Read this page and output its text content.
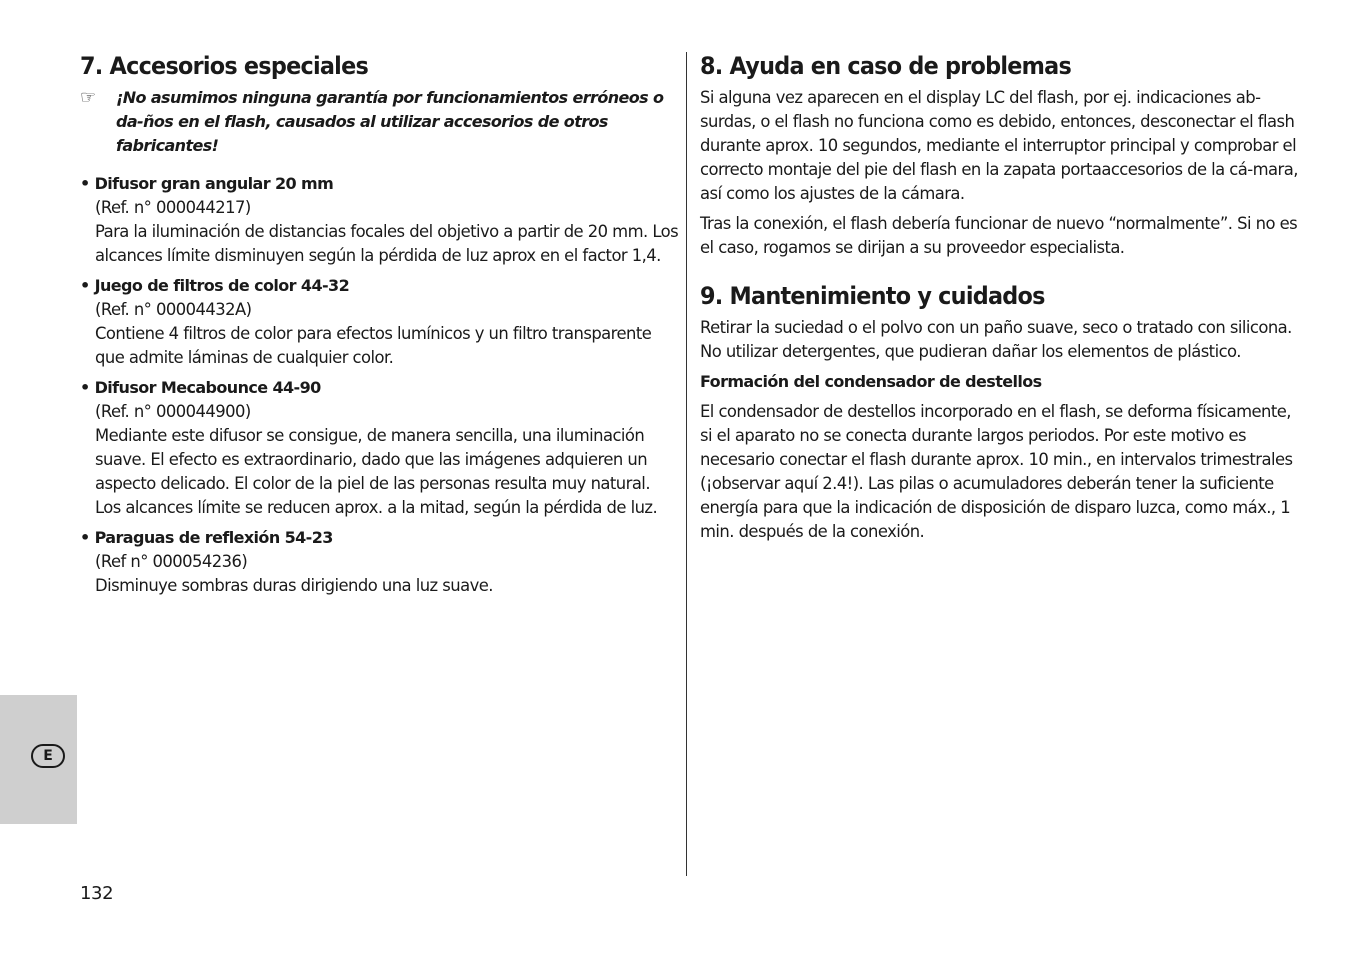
7. Accesorios especiales
☞	¡No asumimos ninguna garantía por funcionamientos erróneos o da-ños en el flash, causados al utilizar accesorios de otros fabricantes!

• Difusor gran angular 20 mm

(Ref. n° 000044217)
Para la iluminación de distancias focales del objetivo a partir de 20 mm. Los alcances límite disminuyen según la pérdida de luz aprox en el factor 1,4.

• Juego de filtros de color 44-32

(Ref. n° 00004432A)
Contiene 4 filtros de color para efectos lumínicos y un filtro transparente que admite láminas de cualquier color.

• Difusor Mecabounce 44-90

(Ref. n° 000044900)
Mediante este difusor se consigue, de manera sencilla, una iluminación suave. El efecto es extraordinario, dado que las imágenes adquieren un aspecto delicado. El color de la piel de las personas resulta muy natural. Los alcances límite se reducen aprox. a la mitad, según la pérdida de luz.

• Paraguas de reflexión 54-23

(Ref n° 000054236)
Disminuye sombras duras dirigiendo una luz suave.
8. Ayuda en caso de problemas

Si alguna vez aparecen en el display LC del flash, por ej. indicaciones ab-surdas, o el flash no funciona como es debido, entonces, desconectar el flash durante aprox. 10 segundos, mediante el interruptor principal y comprobar el correcto montaje del pie del flash en la zapata portaaccesorios de la cá-mara, así como los ajustes de la cámara.

Tras la conexión, el flash debería funcionar de nuevo “normalmente”. Si no es el caso, rogamos se dirijan a su proveedor especialista.

9. Mantenimiento y cuidados

Retirar la suciedad o el polvo con un paño suave, seco o tratado con silicona. No utilizar detergentes, que pudieran dañar los elementos de plástico.

Formación del condensador de destellos

El condensador de destellos incorporado en el flash, se deforma físicamente, si el aparato no se conecta durante largos periodos. Por este motivo es necesario conectar el flash durante aprox. 10 min., en intervalos trimestrales (¡observar aquí 2.4!). Las pilas o acumuladores deberán tener la suficiente energía para que la indicación de disposición de disparo luzca, como máx., 1 min. después de la conexión.

E
132
